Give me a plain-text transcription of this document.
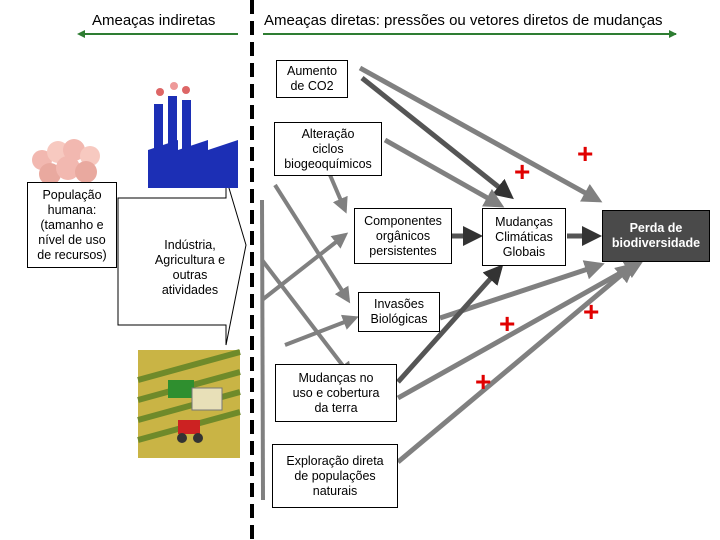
Ameaças indiretas	Ameaças diretas: pressões ou vetores diretos de mudanças
População
humana:
(tamanho e
nível de uso
de recursos)
Indústria,
Agricultura e
outras
atividades
Aumento
de CO2
Alteração
ciclos
biogeoquímicos
Componentes
orgânicos
persistentes
Invasões
Biológicas
Mudanças no
uso e cobertura
da terra
Exploração direta
de populações
naturais
Mudanças
Climáticas
Globais
Perda de
biodiversidade
+
+
+
+
+
